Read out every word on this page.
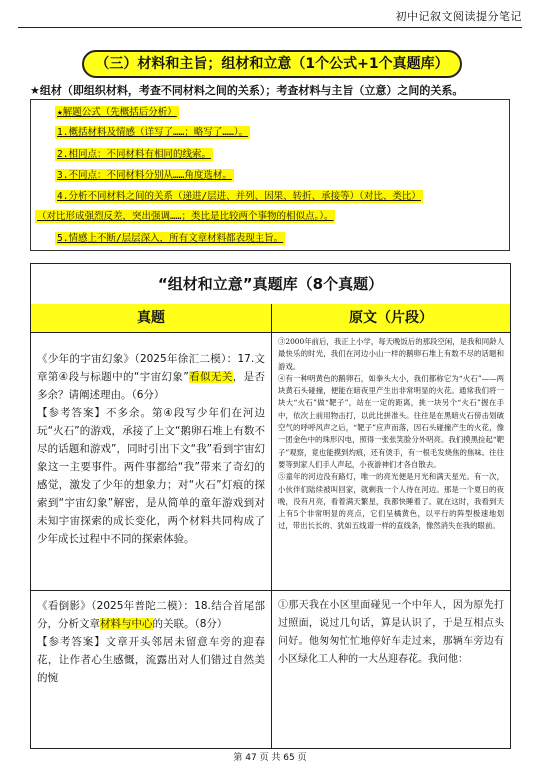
初中记叙文阅读提分笔记
（三）材料和主旨；组材和立意（1个公式+1个真题库）
★组材（即组织材料，考查不同材料之间的关系）；考查材料与主旨（立意）之间的关系。
★解题公式（先概括后分析）
1.概括材料及情感（详写了……；略写了……）。
2.相同点：不同材料有相同的线索。
3.不同点：不同材料分别从……角度选材。
4.分析不同材料之间的关系（递进/层进、并列、因果、转折、承接等）（对比、类比）
（对比形成强烈反差，突出强调……；类比是比较两个事物的相似点。）。
5.情感上不断/层层深入，所有文章材料都表现主旨。
“组材和立意”真题库（8个真题）
真题	原文（片段）
《少年的宇宙幻象》（2025年徐汇二模）：17.文章第④段与标题中的“宇宙幻象”看似无关，是否多余？请阐述理由。（6分）
【参考答案】不多余。第④段写少年们在河边玩“火石”的游戏，承接了上文“鹅卵石堆上有数不尽的话题和游戏”，同时引出下文“我”看到宇宙幻象这一主要事件。两件事都给“我”带来了奇幻的感觉，激发了少年的想象力；对“火石”灯痕的探索到“宇宙幻象”解密，是从简单的童年游戏到对未知宇宙探索的成长变化，两个材料共同构成了少年成长过程中不同的探索体验。
③2000年前后，我正上小学，每天晚饭后的那段空闲，是我和同龄人最快乐的时光，我们在河边小山一样的鹅卵石堆上有数不尽的话题和游戏。
④有一种明黄色的鹅卵石，如拳头大小，我们都称它为“火石”——两块黄石头碰撞，便能在暗夜里产生出非常明显的火花。通常我们将一块大“火石”做“靶子”，站在一定的距离，挑一块另个“火石”握在手中，依次上前用物击打，以此比拼准头。往往是在黑暗火石傍击划破空气的呼呼风声之后，“靶子”应声而落，因石头碰撞产生的火花，像一团金色中的珠形闪电，照得一张张笑脸分外明亮。我们摸黑捡起“靶子”观察，竟也能摸到灼痕，还有烫手，有一根毛发烧焦的焦味。往往要等到家人们手人声起，小夜游神们才各自散去。
⑤童年的河边没有路灯，唯一的亮光便是月光和满天星光。有一次，小伙伴们陆续被叫回家，就剩我一个人待在河边。那是一个夏日的夜晚，没有月亮，看着满天繁星，我都快睡着了。就在这时，我看到天上有5个非常明显的亮点，它们呈橘黄色，以平行的阵型极速地划过，带出长长的、犹如五线谱一样的直线条，像然消失在我的眼前。
《看倒影》（2025年普陀二模）：18.结合首尾部分，分析文章材料与中心的关联。（8分）
【参考答案】文章开头邻居未留意车旁的迎春花，让作者心生感慨，流露出对人们错过自然美的惋
①那天我在小区里面碰见一个中年人，因为原先打过照面，说过几句话，算是认识了，于是互相点头问好。他匆匆忙忙地停好车走过来，那辆车旁边有小区绿化工人种的一大丛迎春花。我问他：
第 47 页 共 65 页
